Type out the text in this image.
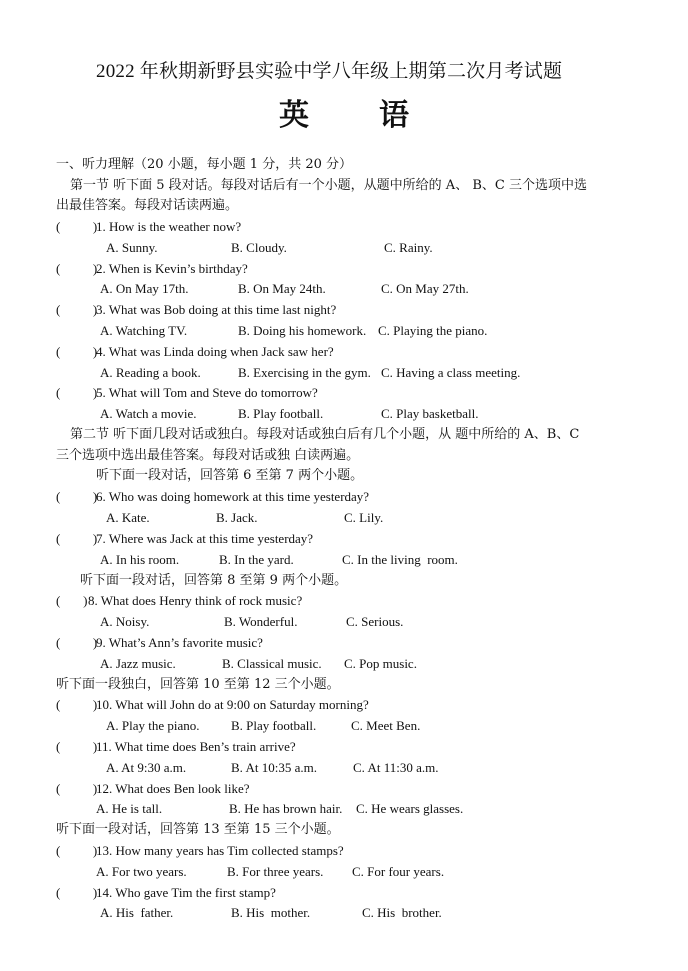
2022 年秋期新野县实验中学八年级上期第二次月考试题
英 语
一、听力理解（20 小题，每小题 1 分，共 20 分）
第一节 听下面 5 段对话。每段对话后有一个小题，从题中所给的 A、 B、C 三个选项中选
出最佳答案。每段对话读两遍。
(          )
1. How is the weather now?
A. Sunny.	B. Cloudy.	C. Rainy.
(          )
2. When is Kevin’s birthday?
A. On May 17th.	B. On May 24th.	C. On May 27th.
(          )
3. What was Bob doing at this time last night?
A. Watching TV.	B. Doing his homework. C. Playing the piano.
(          )
4. What was Linda doing when Jack saw her?
A. Reading a book.	B. Exercising in the gym. C. Having a class meeting.
(          )
5. What will Tom and Steve do tomorrow?
A. Watch a movie.	B. Play football.	C. Play basketball.
第二节 听下面几段对话或独白。每段对话或独白后有几个小题，从 题中所给的 A、B、C
三个选项中选出最佳答案。每段对话或独 白读两遍。
听下面一段对话，回答第 6 至第 7 两个小题。
(          )
6. Who was doing homework at this time yesterday?
A. Kate.	B. Jack.	C. Lily.
(          )
7. Where was Jack at this time yesterday?
A. In his room.	B. In the yard.	C. In the living  room.
听下面一段对话，回答第 8 至第 9 两个小题。
(       ) 8. What does Henry think of rock music?
A. Noisy.	B. Wonderful.	C. Serious.
(          )
9. What’s Ann’s favorite music?
A. Jazz music.	B. Classical music. C. Pop music.
听下面一段独白，回答第 10 至第 12 三个小题。
(          )
10. What will John do at 9:00 on Saturday morning?
A. Play the piano. B. Play football.	C. Meet Ben.
(          )
11. What time does Ben’s train arrive?
A. At 9:30 a.m.	B. At 10:35 a.m.	C. At 11:30 a.m.
(          )
12. What does Ben look like?
A. He is tall.	B. He has brown hair. C. He wears glasses.
听下面一段对话，回答第 13 至第 15 三个小题。
(          )
13. How many years has Tim collected stamps?
A. For two years.	B. For three years. C. For four years.
(          )
14. Who gave Tim the first stamp?
A. His  father.	B. His  mother.	C. His  brother.
